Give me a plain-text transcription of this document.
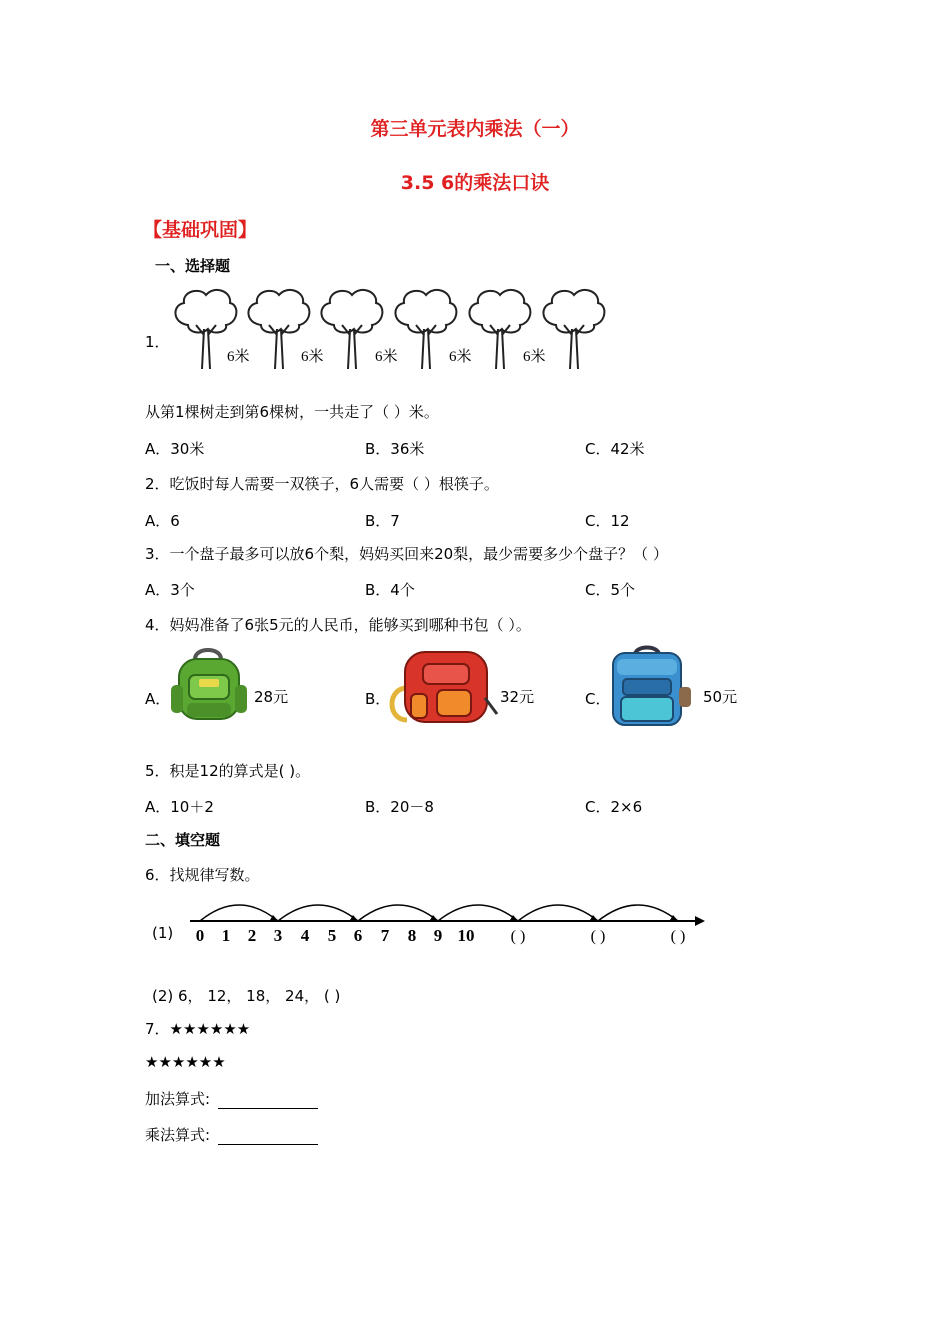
第三单元表内乘法（一）
3.5 6的乘法口诀
【基础巩固】
一、选择题
1．
6米	6米	6米	6米	6米
从第1棵树走到第6棵树，一共走了（ ）米。
A．30米	B．36米	C．42米
2．吃饭时每人需要一双筷子，6人需要（ ）根筷子。
A．6	B．7	C．12
3．一个盘子最多可以放6个梨，妈妈买回来20梨，最少需要多少个盘子？（ ）
A．3个	B．4个	C．5个
4．妈妈准备了6张5元的人民币，能够买到哪种书包（ ）。
A．	28元	B．	32元	C．	50元
5．积是12的算式是( )。
A．10＋2	B．20－8	C．2×6
二、填空题
6．找规律写数。
(1) 0 1 2 3 4 5 6 7 8 9 10 ( )	( )	( )
(2) 6， 12， 18， 24， ( )
7．★★★★★★
★★★★★★
加法算式:
乘法算式:
